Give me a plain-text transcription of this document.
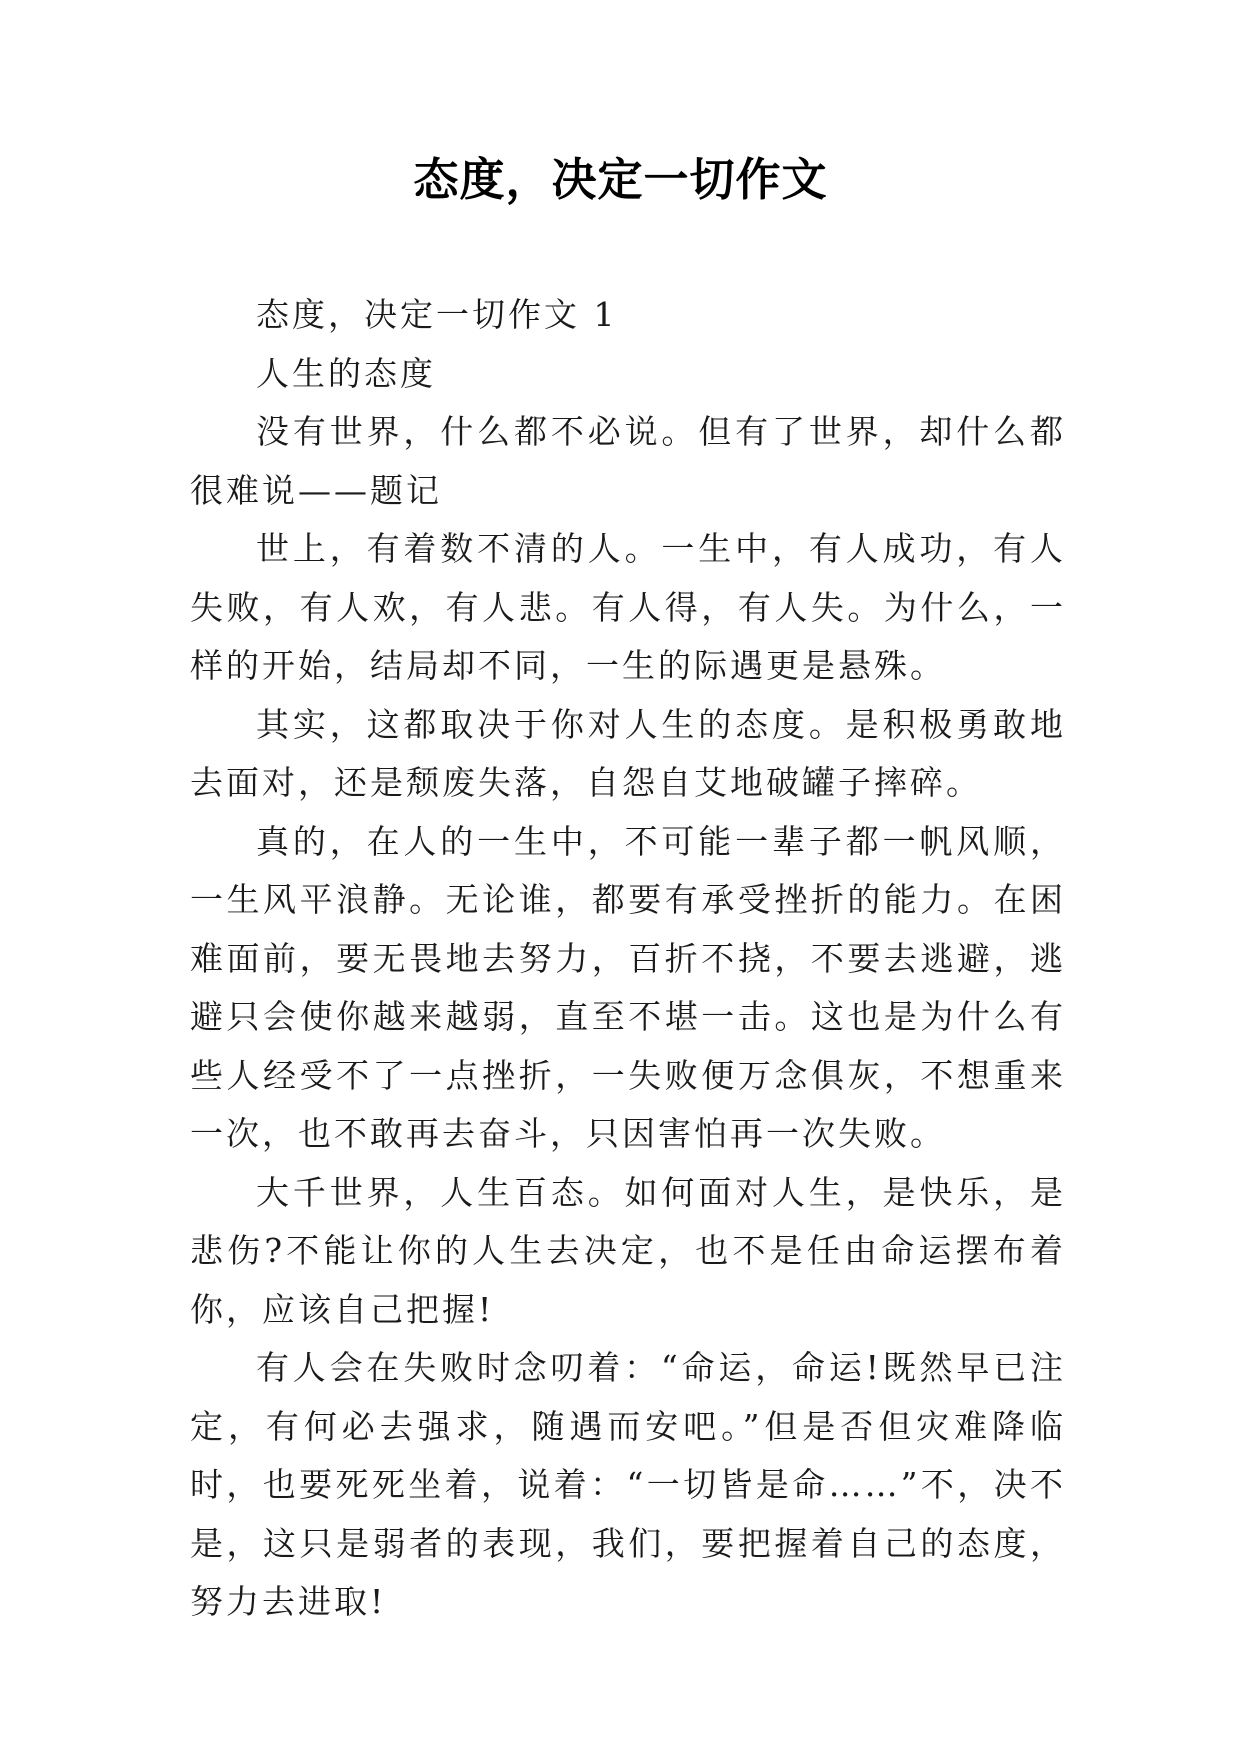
态度，决定一切作文

态度，决定一切作文 1

人生的态度

没有世界，什么都不必说。但有了世界，却什么都很难说——题记

世上，有着数不清的人。一生中，有人成功，有人失败，有人欢，有人悲。有人得，有人失。为什么，一样的开始，结局却不同，一生的际遇更是悬殊。

其实，这都取决于你对人生的态度。是积极勇敢地去面对，还是颓废失落，自怨自艾地破罐子摔碎。

真的，在人的一生中，不可能一辈子都一帆风顺，一生风平浪静。无论谁，都要有承受挫折的能力。在困难面前，要无畏地去努力，百折不挠，不要去逃避，逃避只会使你越来越弱，直至不堪一击。这也是为什么有些人经受不了一点挫折，一失败便万念俱灰，不想重来一次，也不敢再去奋斗，只因害怕再一次失败。

大千世界，人生百态。如何面对人生，是快乐，是悲伤?不能让你的人生去决定，也不是任由命运摆布着你，应该自己把握!

有人会在失败时念叨着：“命运，命运!既然早已注定，有何必去强求，随遇而安吧。”但是否但灾难降临时，也要死死坐着，说着：“一切皆是命……”不，决不是，这只是弱者的表现，我们，要把握着自己的态度，努力去进取!
